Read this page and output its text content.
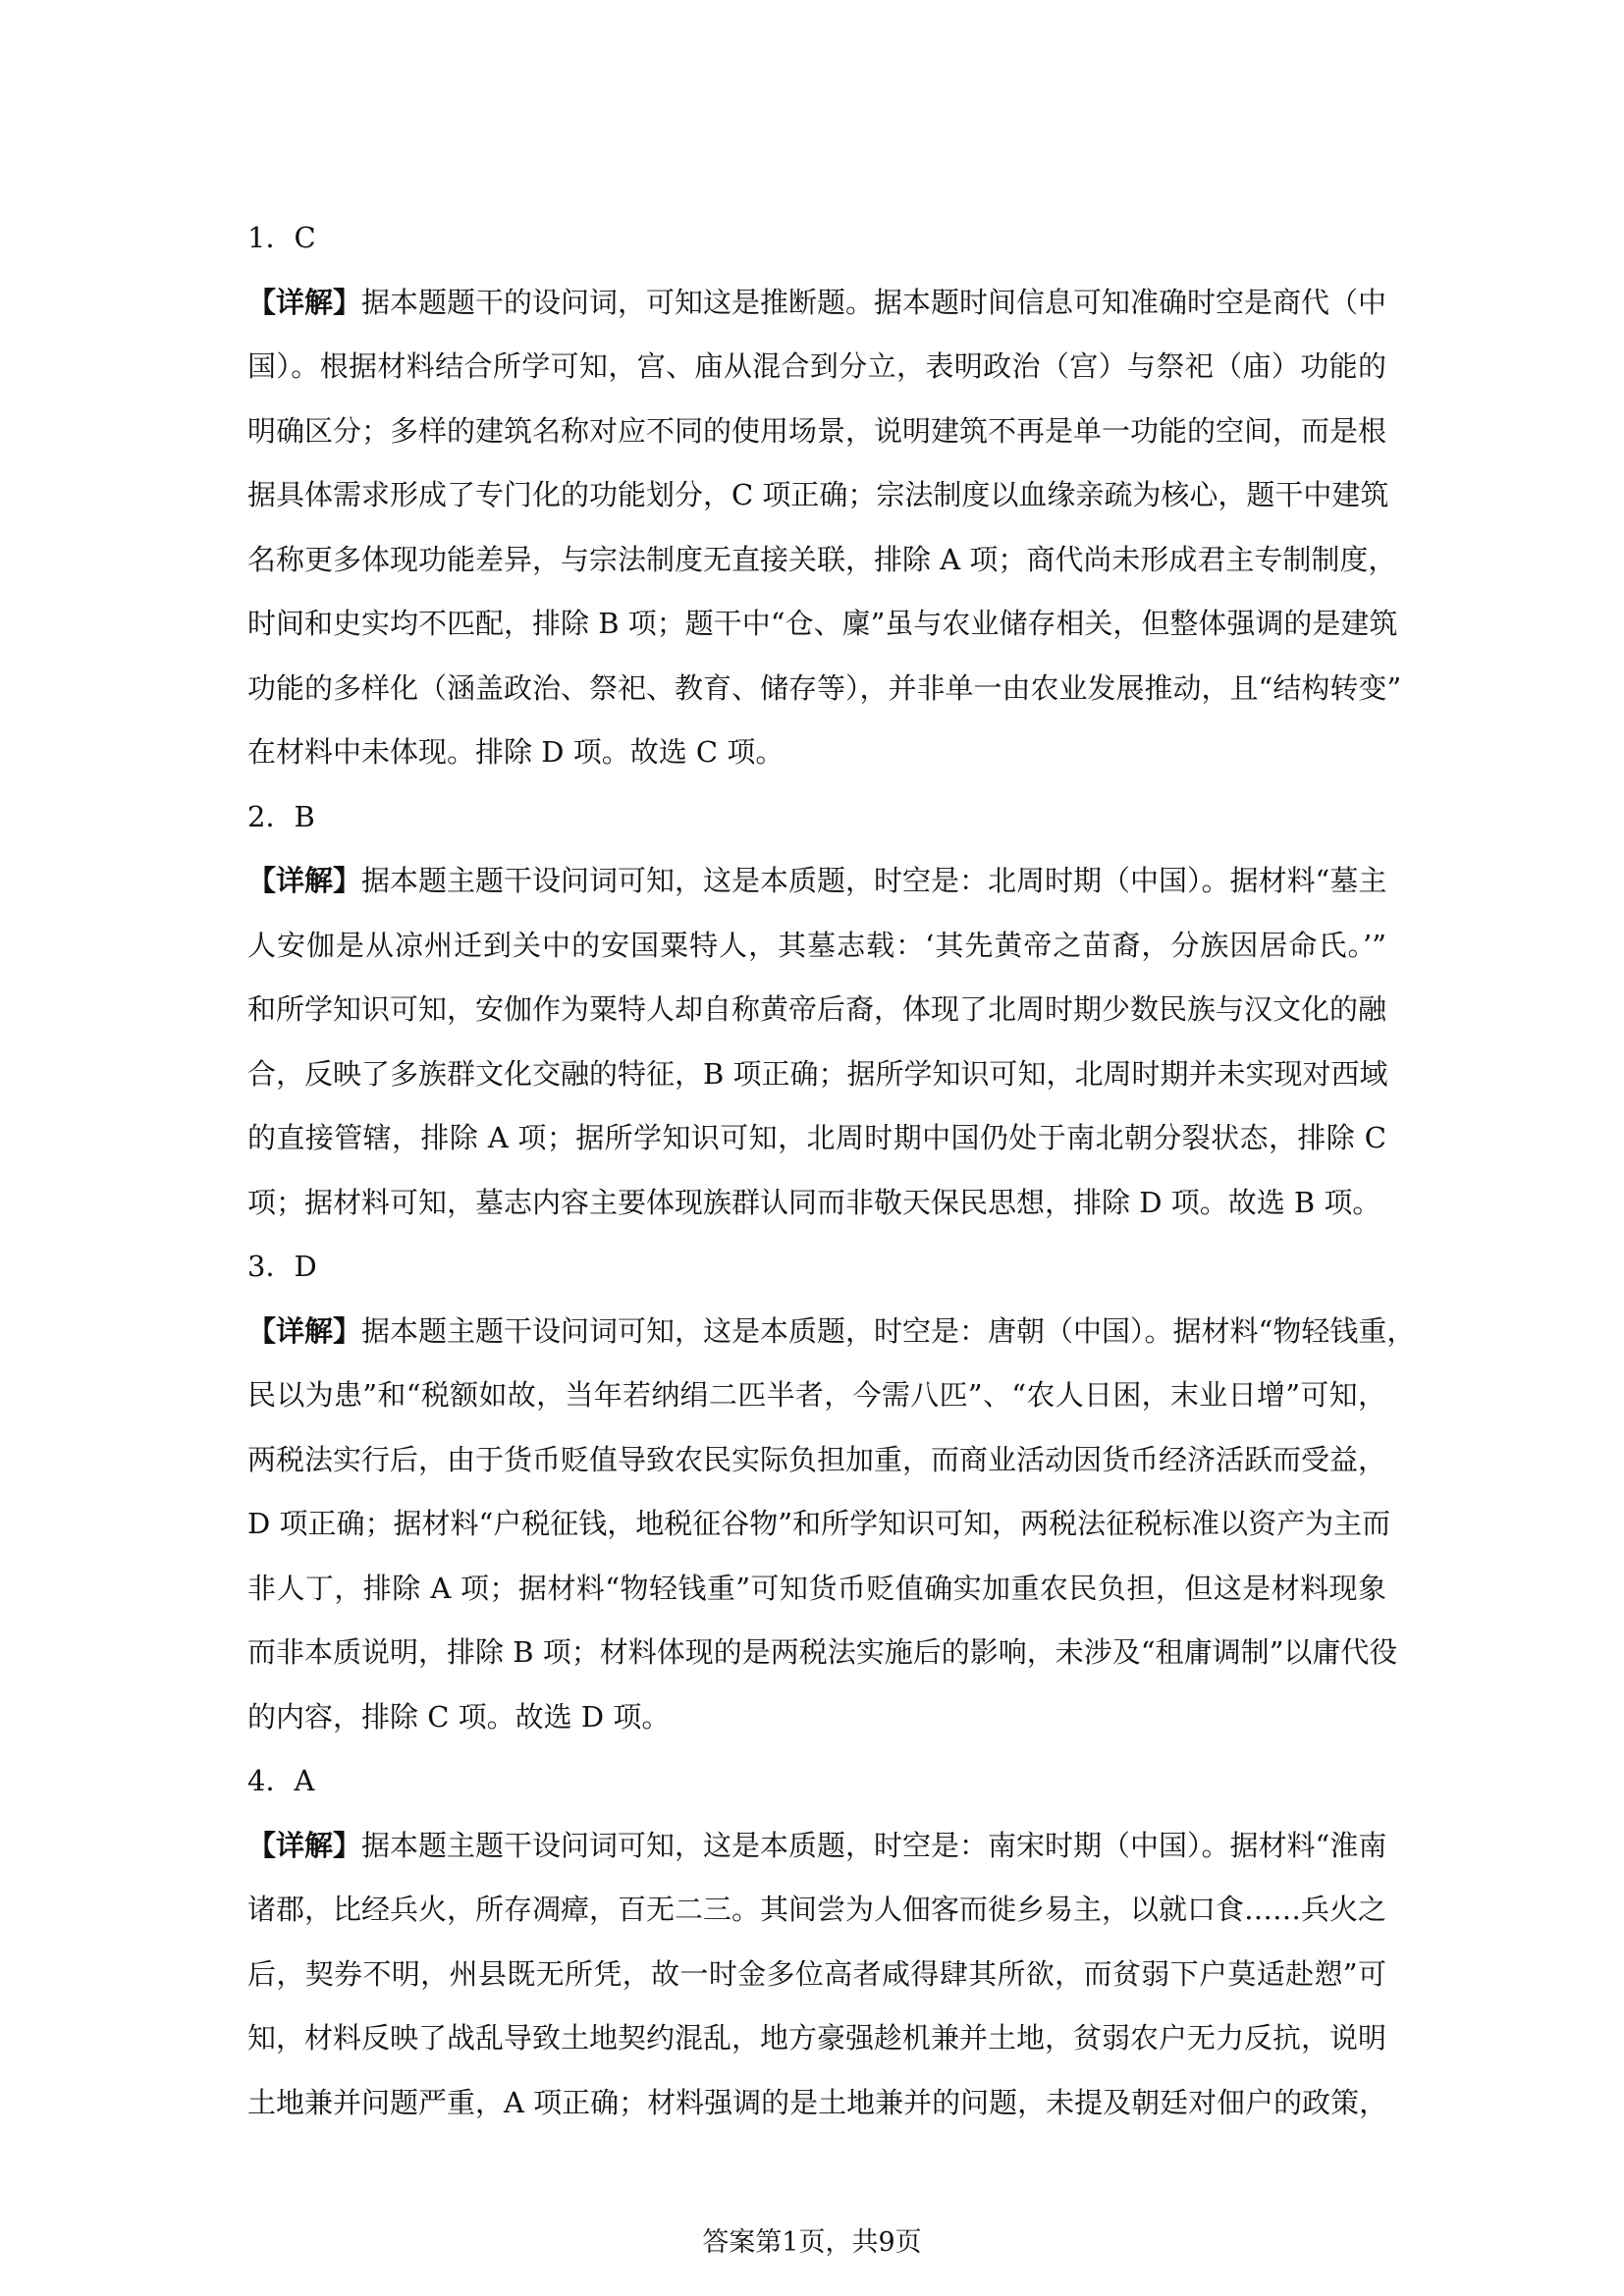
1．C
【详解】据本题题干的设问词，可知这是推断题。据本题时间信息可知准确时空是商代（中
国）。根据材料结合所学可知，宫、庙从混合到分立，表明政治（宫）与祭祀（庙）功能的
明确区分；多样的建筑名称对应不同的使用场景，说明建筑不再是单一功能的空间，而是根
据具体需求形成了专门化的功能划分，C 项正确；宗法制度以血缘亲疏为核心，题干中建筑
名称更多体现功能差异，与宗法制度无直接关联，排除 A 项；商代尚未形成君主专制制度，
时间和史实均不匹配，排除 B 项；题干中“仓、廩”虽与农业储存相关，但整体强调的是建筑
功能的多样化（涵盖政治、祭祀、教育、储存等），并非单一由农业发展推动，且“结构转变”
在材料中未体现。排除 D 项。故选 C 项。
2．B
【详解】据本题主题干设问词可知，这是本质题，时空是：北周时期（中国）。据材料“墓主
人安伽是从凉州迁到关中的安国粟特人，其墓志载：‘其先黄帝之苗裔，分族因居命氏。’”
和所学知识可知，安伽作为粟特人却自称黄帝后裔，体现了北周时期少数民族与汉文化的融
合，反映了多族群文化交融的特征，B 项正确；据所学知识可知，北周时期并未实现对西域
的直接管辖，排除 A 项；据所学知识可知，北周时期中国仍处于南北朝分裂状态，排除 C
项；据材料可知，墓志内容主要体现族群认同而非敬天保民思想，排除 D 项。故选 B 项。
3．D
【详解】据本题主题干设问词可知，这是本质题，时空是：唐朝（中国）。据材料“物轻钱重，
民以为患”和“税额如故，当年若纳绢二匹半者，今需八匹”、“农人日困，末业日增”可知，
两税法实行后，由于货币贬值导致农民实际负担加重，而商业活动因货币经济活跃而受益，
D 项正确；据材料“户税征钱，地税征谷物”和所学知识可知，两税法征税标准以资产为主而
非人丁，排除 A 项；据材料“物轻钱重”可知货币贬值确实加重农民负担，但这是材料现象
而非本质说明，排除 B 项；材料体现的是两税法实施后的影响，未涉及“租庸调制”以庸代役
的内容，排除 C 项。故选 D 项。
4．A
【详解】据本题主题干设问词可知，这是本质题，时空是：南宋时期（中国）。据材料“淮南
诸郡，比经兵火，所存凋瘴，百无二三。其间尝为人佃客而徙乡易主，以就口食……兵火之
后，契券不明，州县既无所凭，故一时金多位高者咸得肆其所欲，而贫弱下户莫适赴愬”可
知，材料反映了战乱导致土地契约混乱，地方豪强趁机兼并土地，贫弱农户无力反抗，说明
土地兼并问题严重，A 项正确；材料强调的是土地兼并的问题，未提及朝廷对佃户的政策，
答案第1页，共9页
